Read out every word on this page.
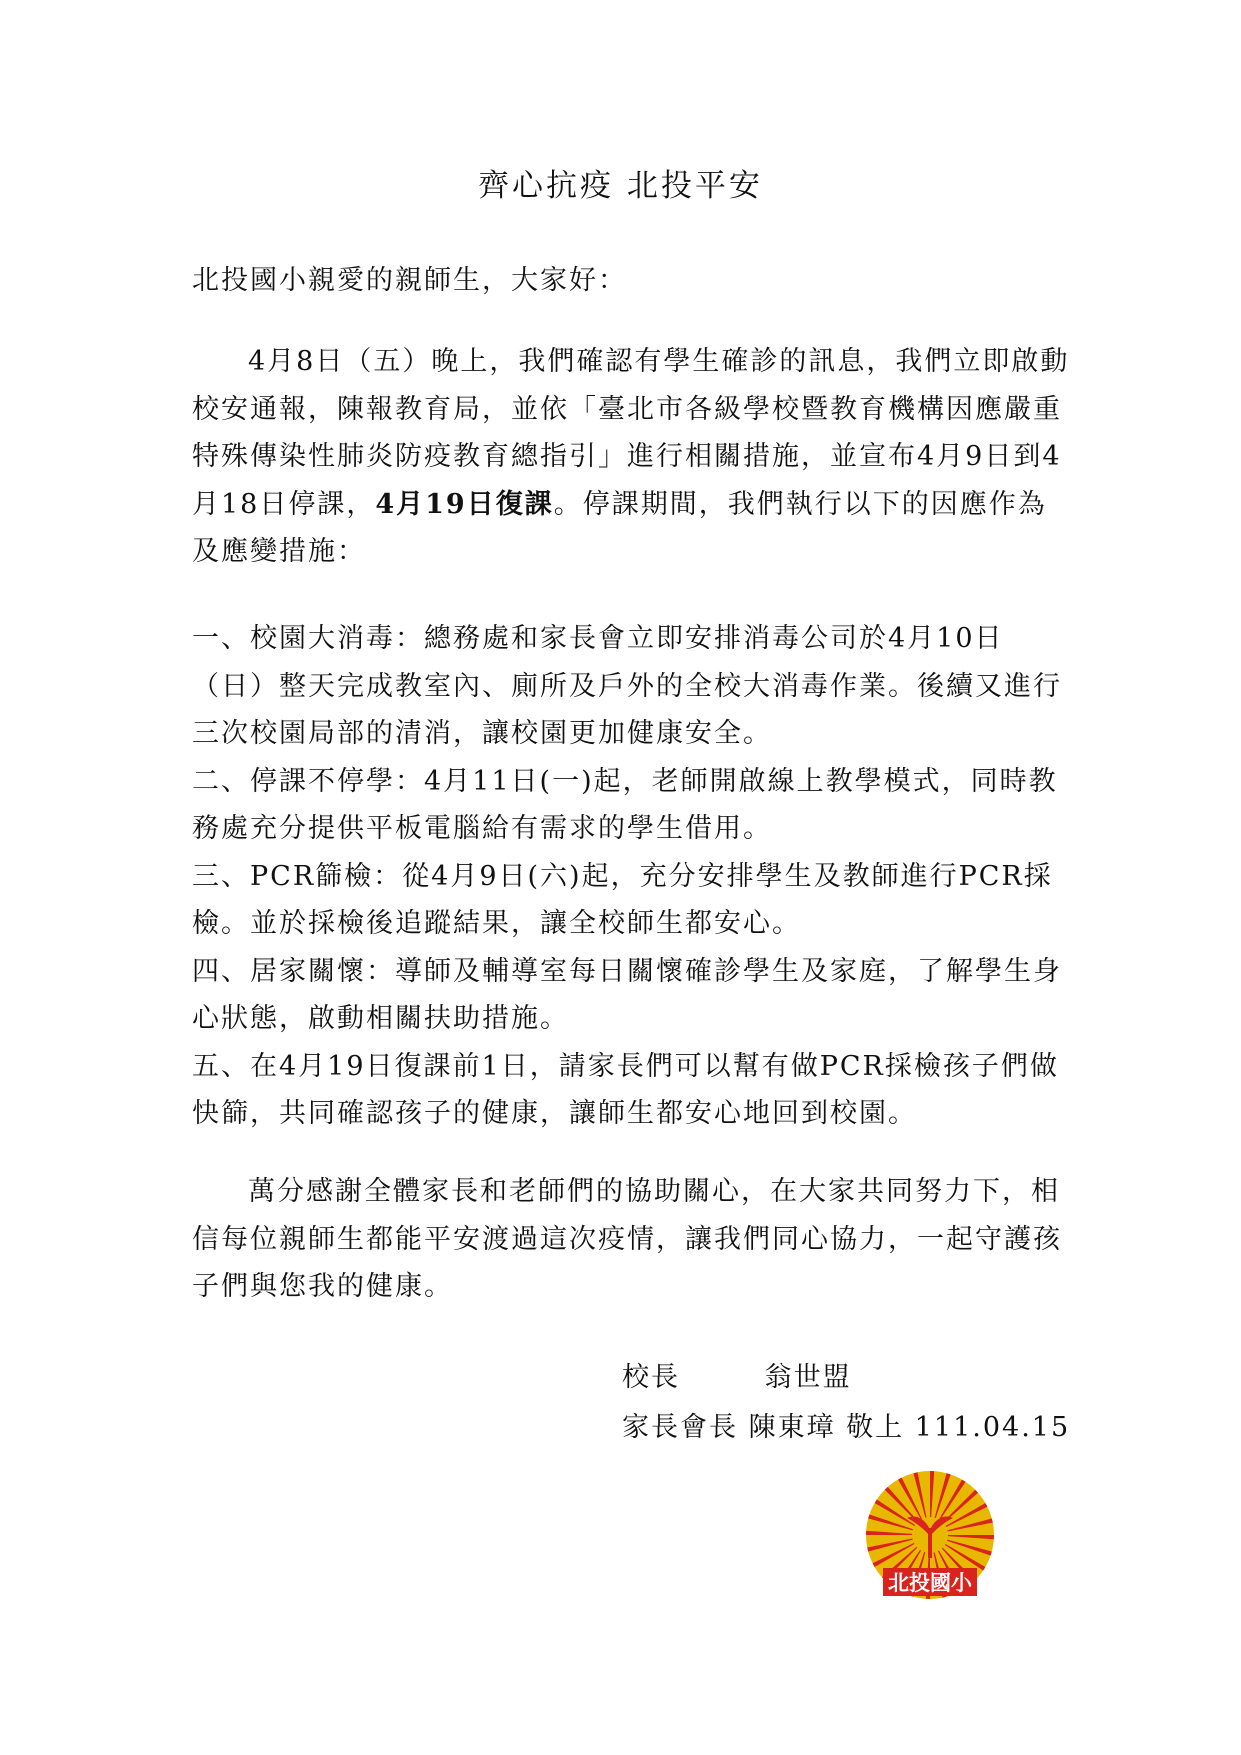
齊心抗疫 北投平安

北投國小親愛的親師生，大家好：

4月8日（五）晚上，我們確認有學生確診的訊息，我們立即啟動校安通報，陳報教育局，並依「臺北市各級學校暨教育機構因應嚴重特殊傳染性肺炎防疫教育總指引」進行相關措施，並宣布4月9日到4月18日停課，4月19日復課。停課期間，我們執行以下的因應作為及應變措施：

一、校園大消毒：總務處和家長會立即安排消毒公司於4月10日（日）整天完成教室內、廁所及戶外的全校大消毒作業。後續又進行三次校園局部的清消，讓校園更加健康安全。

二、停課不停學：4月11日(一)起，老師開啟線上教學模式，同時教務處充分提供平板電腦給有需求的學生借用。

三、PCR篩檢：從4月9日(六)起，充分安排學生及教師進行PCR採檢。並於採檢後追蹤結果，讓全校師生都安心。

四、居家關懷：導師及輔導室每日關懷確診學生及家庭，了解學生身心狀態，啟動相關扶助措施。

五、在4月19日復課前1日，請家長們可以幫有做PCR採檢孩子們做快篩，共同確認孩子的健康，讓師生都安心地回到校園。

萬分感謝全體家長和老師們的協助關心，在大家共同努力下，相信每位親師生都能平安渡過這次疫情，讓我們同心協力，一起守護孩子們與您我的健康。

校長        翁世盟
家長會長 陳東璋 敬上 111.04.15
北投國小
